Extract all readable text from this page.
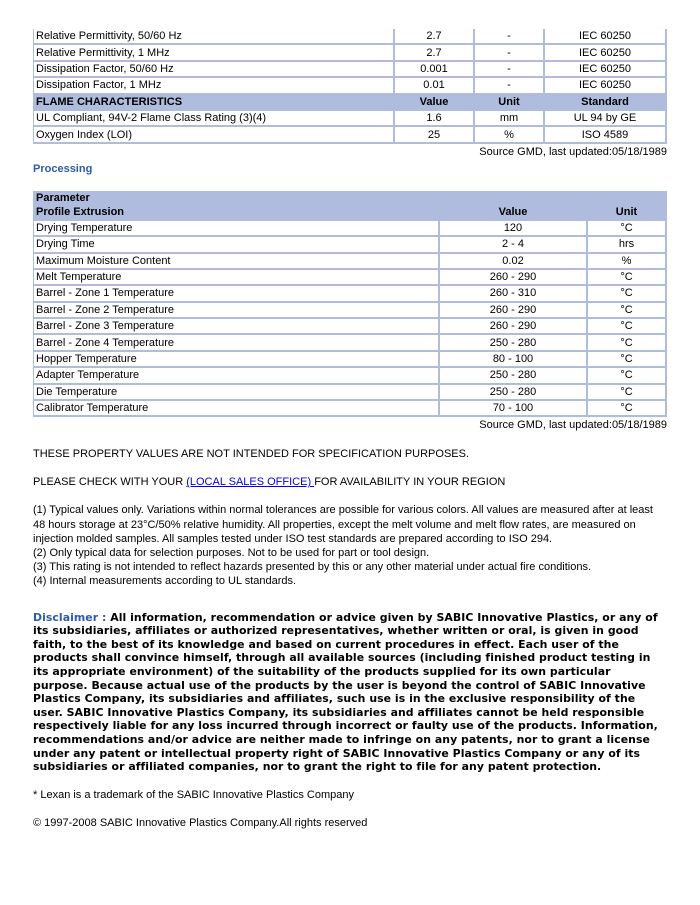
Relative Permittivity, 50/60 Hz	2.7	-	IEC 60250
Relative Permittivity, 1 MHz	2.7	-	IEC 60250
Dissipation Factor, 50/60 Hz	0.001	-	IEC 60250
Dissipation Factor, 1 MHz	0.01	-	IEC 60250
FLAME CHARACTERISTICS	Value	Unit	Standard
UL Compliant, 94V-2 Flame Class Rating (3)(4)	1.6	mm	UL 94 by GE
Oxygen Index (LOI)	25	%	ISO 4589
Source GMD, last updated:05/18/1989
Processing
Parameter		
Profile Extrusion	Value	Unit
Drying Temperature	120	°C
Drying Time	2 - 4	hrs
Maximum Moisture Content	0.02	%
Melt Temperature	260 - 290	°C
Barrel - Zone 1 Temperature	260 - 310	°C
Barrel - Zone 2 Temperature	260 - 290	°C
Barrel - Zone 3 Temperature	260 - 290	°C
Barrel - Zone 4 Temperature	250 - 280	°C
Hopper Temperature	80 - 100	°C
Adapter Temperature	250 - 280	°C
Die Temperature	250 - 280	°C
Calibrator Temperature	70 - 100	°C
Source GMD, last updated:05/18/1989

THESE PROPERTY VALUES ARE NOT INTENDED FOR SPECIFICATION PURPOSES.

PLEASE CHECK WITH YOUR (LOCAL SALES OFFICE) FOR AVAILABILITY IN YOUR REGION

(1) Typical values only. Variations within normal tolerances are possible for various colors. All values are measured after at least 48 hours storage at 23°C/50% relative humidity. All properties, except the melt volume and melt flow rates, are measured on injection molded samples. All samples tested under ISO test standards are prepared according to ISO 294.

(2) Only typical data for selection purposes. Not to be used for part or tool design.

(3) This rating is not intended to reflect hazards presented by this or any other material under actual fire conditions.

(4) Internal measurements according to UL standards.

Disclaimer : All information, recommendation or advice given by SABIC Innovative Plastics, or any of its subsidiaries, affiliates or authorized representatives, whether written or oral, is given in good faith, to the best of its knowledge and based on current procedures in effect. Each user of the products shall convince himself, through all available sources (including finished product testing in its appropriate environment) of the suitability of the products supplied for its own particular purpose. Because actual use of the products by the user is beyond the control of SABIC Innovative Plastics Company, its subsidiaries and affiliates, such use is in the exclusive responsibility of the user. SABIC Innovative Plastics Company, its subsidiaries and affiliates cannot be held responsible respectively liable for any loss incurred through incorrect or faulty use of the products. Information, recommendations and/or advice are neither made to infringe on any patents, nor to grant a license under any patent or intellectual property right of SABIC Innovative Plastics Company or any of its subsidiaries or affiliated companies, nor to grant the right to file for any patent protection.

* Lexan is a trademark of the SABIC Innovative Plastics Company

© 1997-2008 SABIC Innovative Plastics Company.All rights reserved
